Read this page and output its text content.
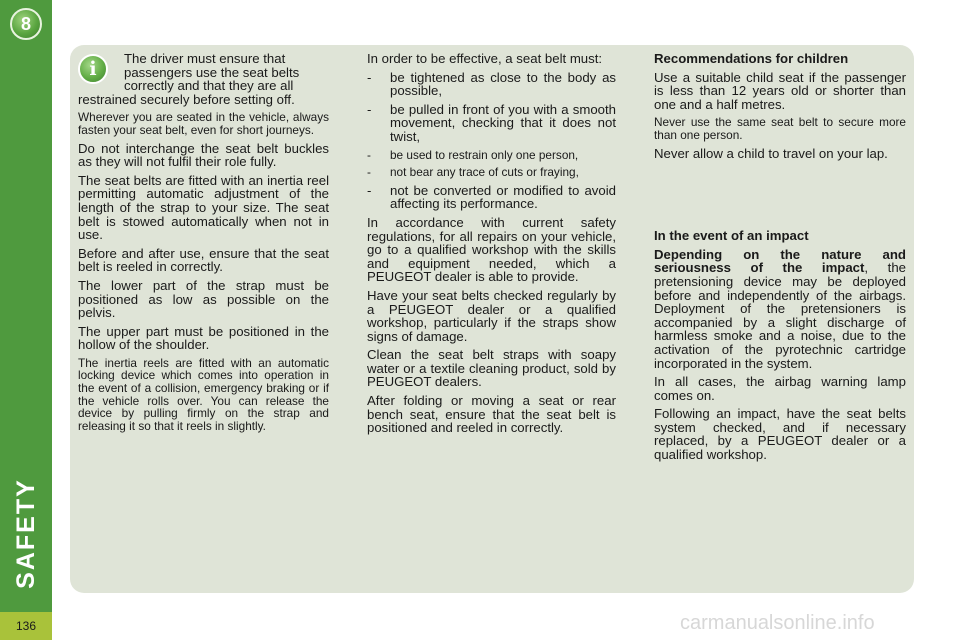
8
SAFETY
136
i	The driver must ensure that

passengers use the seat belts

correctly and that they are all

restrained securely before setting off.

Wherever you are seated in the vehicle, always fasten your seat belt, even for short journeys.

Do not interchange the seat belt buckles as they will not fulfil their role fully.

The seat belts are fitted with an inertia reel permitting automatic adjustment of the length of the strap to your size. The seat belt is stowed automatically when not in use.

Before and after use, ensure that the seat belt is reeled in correctly.

The lower part of the strap must be positioned as low as possible on the pelvis.

The upper part must be positioned in the hollow of the shoulder.

The inertia reels are fitted with an automatic locking device which comes into operation in the event of a collision, emergency braking or if the vehicle rolls over. You can release the device by pulling firmly on the strap and releasing it so that it reels in slightly.

In order to be effective, a seat belt must:

- be tightened as close to the body as possible,
- be pulled in front of you with a smooth movement, checking that it does not twist,
- be used to restrain only one person,
- not bear any trace of cuts or fraying,
- not be converted or modified to avoid affecting its performance.

In accordance with current safety regulations, for all repairs on your vehicle, go to a qualified workshop with the skills and equipment needed, which a PEUGEOT dealer is able to provide.

Have your seat belts checked regularly by a PEUGEOT dealer or a qualified workshop, particularly if the straps show signs of damage.

Clean the seat belt straps with soapy water or a textile cleaning product, sold by PEUGEOT dealers.

After folding or moving a seat or rear bench seat, ensure that the seat belt is positioned and reeled in correctly.

Recommendations for children

Use a suitable child seat if the passenger is less than 12 years old or shorter than one and a half metres.

Never use the same seat belt to secure more than one person.

Never allow a child to travel on your lap.

In the event of an impact

Depending on the nature and seriousness of the impact, the pretensioning device may be deployed before and independently of the airbags. Deployment of the pretensioners is accompanied by a slight discharge of harmless smoke and a noise, due to the activation of the pyrotechnic cartridge incorporated in the system.

In all cases, the airbag warning lamp comes on.

Following an impact, have the seat belts system checked, and if necessary replaced, by a PEUGEOT dealer or a qualified workshop.

carmanualsonline.info
